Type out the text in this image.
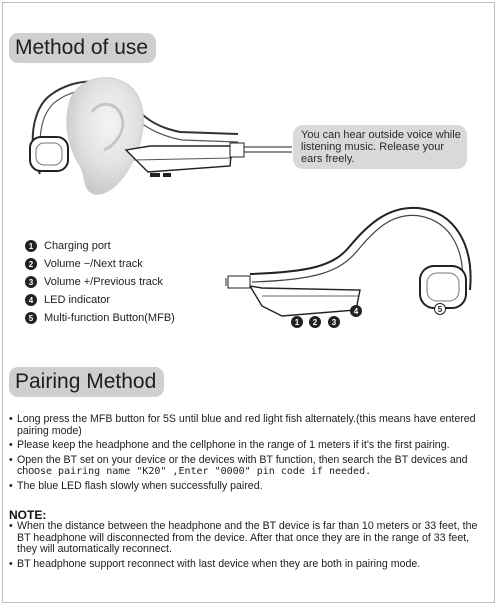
Method of use
You can hear outside voice while listening music. Release your ears freely.
1	2	3
4	5
1 Charging port
2 Volume −/Next track
3 Volume +/Previous track
4 LED indicator
5 Multi-function Button(MFB)
Pairing Method
• Long press the MFB button for 5S until blue and red light fish alternately.(this means have entered pairing mode)
• Please keep the headphone and the cellphone in the range of 1 meters if it's the first pairing.
• Open the BT set on your device or the devices with BT function, then search the BT devices and choose pairing name "K20" ,Enter "0000" pin code if needed.
• The blue LED flash slowly when successfully paired.
NOTE:
• When the distance between the headphone and the BT device is far than 10 meters or 33 feet, the BT headphone will disconnected from the device. After that once they are in the range of 33 feet, they will automatically reconnect.
• BT headphone support reconnect with last device when they are both in pairing mode.
